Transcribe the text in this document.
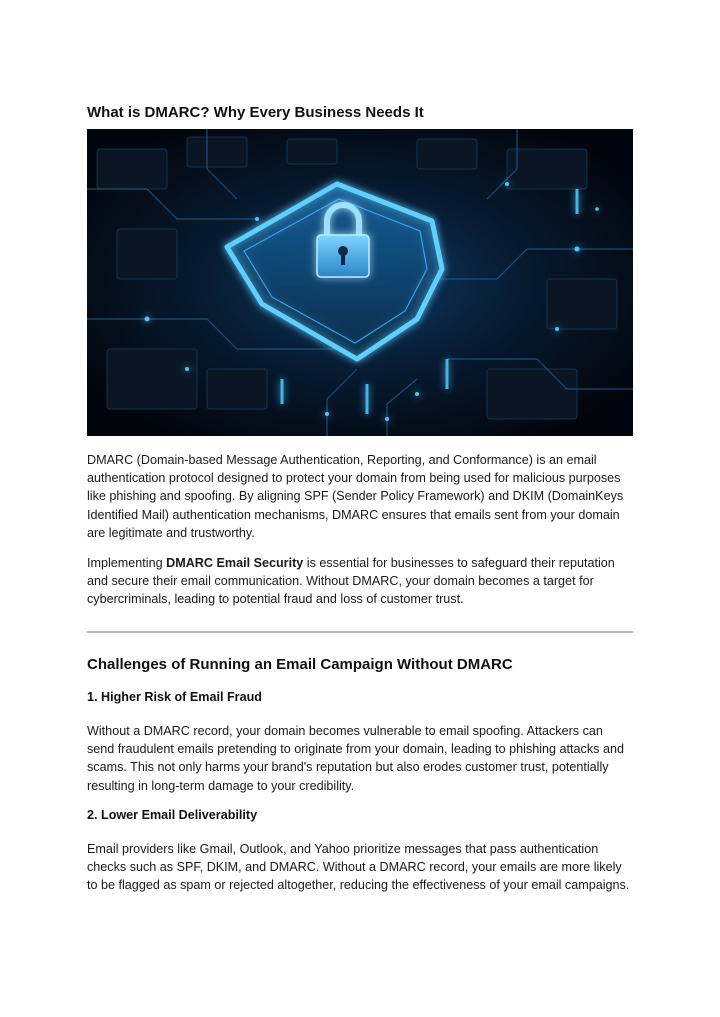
What is DMARC? Why Every Business Needs It

DMARC (Domain-based Message Authentication, Reporting, and Conformance) is an email authentication protocol designed to protect your domain from being used for malicious purposes like phishing and spoofing. By aligning SPF (Sender Policy Framework) and DKIM (DomainKeys Identified Mail) authentication mechanisms, DMARC ensures that emails sent from your domain are legitimate and trustworthy.

Implementing DMARC Email Security is essential for businesses to safeguard their reputation and secure their email communication. Without DMARC, your domain becomes a target for cybercriminals, leading to potential fraud and loss of customer trust.

Challenges of Running an Email Campaign Without DMARC
1. Higher Risk of Email Fraud

Without a DMARC record, your domain becomes vulnerable to email spoofing. Attackers can send fraudulent emails pretending to originate from your domain, leading to phishing attacks and scams. This not only harms your brand's reputation but also erodes customer trust, potentially resulting in long-term damage to your credibility.

2. Lower Email Deliverability

Email providers like Gmail, Outlook, and Yahoo prioritize messages that pass authentication checks such as SPF, DKIM, and DMARC. Without a DMARC record, your emails are more likely to be flagged as spam or rejected altogether, reducing the effectiveness of your email campaigns.
